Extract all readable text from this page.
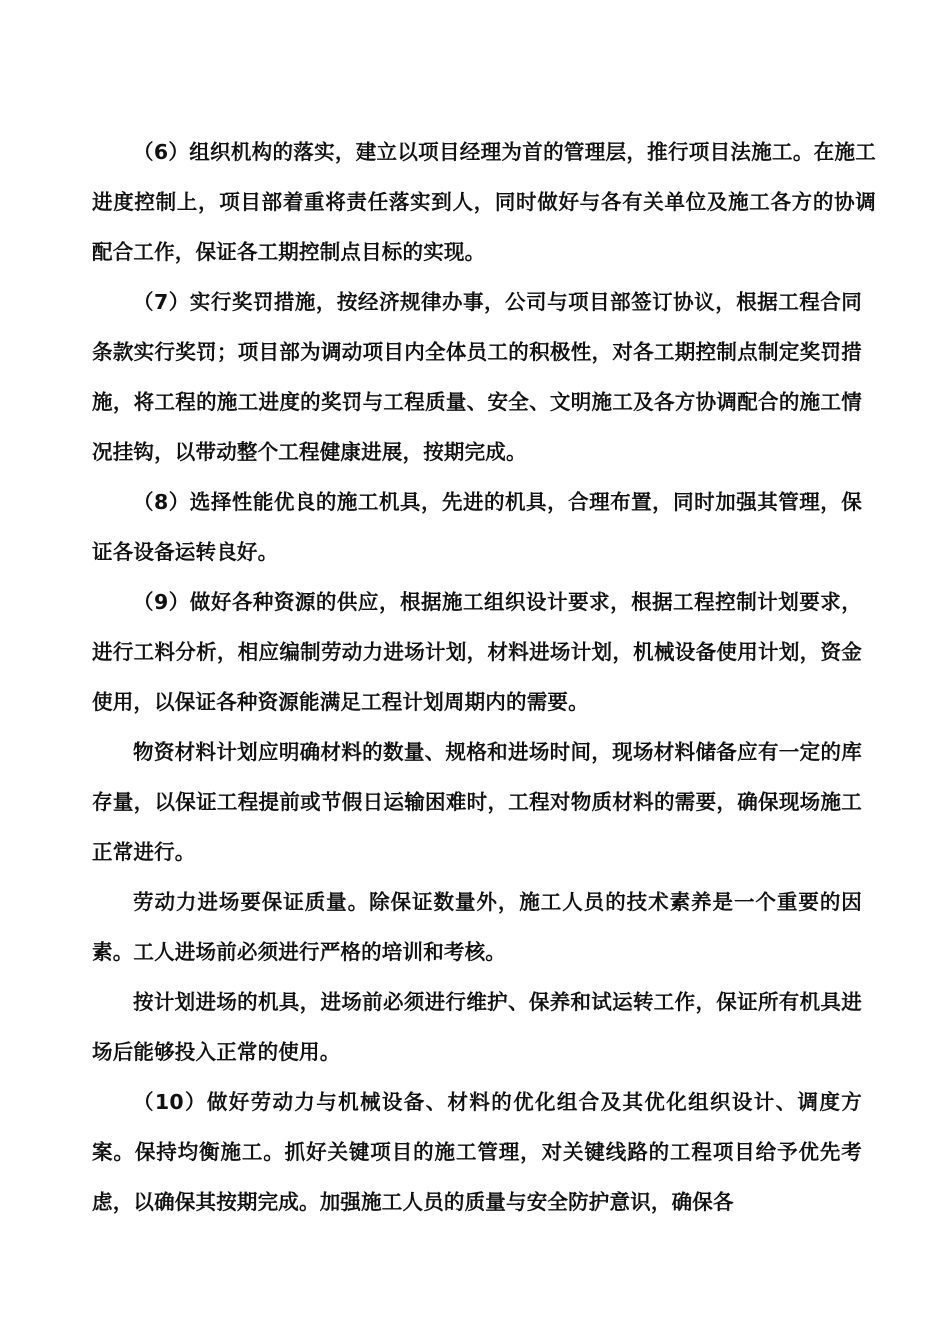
（6）组织机构的落实，建立以项目经理为首的管理层，推行项目法施工。在施工进度控制上，项目部着重将责任落实到人，同时做好与各有关单位及施工各方的协调配合工作，保证各工期控制点目标的实现。

（7）实行奖罚措施，按经济规律办事，公司与项目部签订协议，根据工程合同条款实行奖罚；项目部为调动项目内全体员工的积极性，对各工期控制点制定奖罚措施，将工程的施工进度的奖罚与工程质量、安全、文明施工及各方协调配合的施工情况挂钩，以带动整个工程健康进展，按期完成。

（8）选择性能优良的施工机具，先进的机具，合理布置，同时加强其管理，保证各设备运转良好。

（9）做好各种资源的供应，根据施工组织设计要求，根据工程控制计划要求，进行工料分析，相应编制劳动力进场计划，材料进场计划，机械设备使用计划，资金使用，以保证各种资源能满足工程计划周期内的需要。

物资材料计划应明确材料的数量、规格和进场时间，现场材料储备应有一定的库存量，以保证工程提前或节假日运输困难时，工程对物质材料的需要，确保现场施工正常进行。

劳动力进场要保证质量。除保证数量外，施工人员的技术素养是一个重要的因素。工人进场前必须进行严格的培训和考核。

按计划进场的机具，进场前必须进行维护、保养和试运转工作，保证所有机具进场后能够投入正常的使用。

（10）做好劳动力与机械设备、材料的优化组合及其优化组织设计、调度方案。保持均衡施工。抓好关键项目的施工管理，对关键线路的工程项目给予优先考虑，以确保其按期完成。加强施工人员的质量与安全防护意识，确保各
